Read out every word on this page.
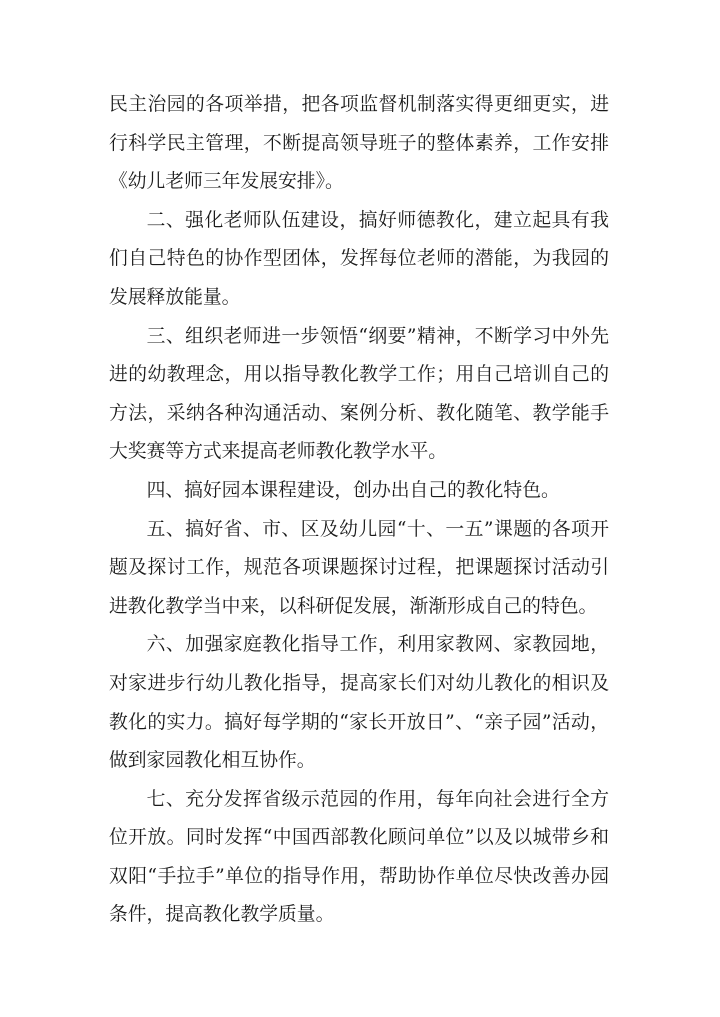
民主治园的各项举措，把各项监督机制落实得更细更实，进行科学民主管理，不断提高领导班子的整体素养，工作安排《幼儿老师三年发展安排》。

二、强化老师队伍建设，搞好师德教化，建立起具有我们自己特色的协作型团体，发挥每位老师的潜能，为我园的发展释放能量。

三、组织老师进一步领悟“纲要”精神，不断学习中外先进的幼教理念，用以指导教化教学工作；用自己培训自己的方法，采纳各种沟通活动、案例分析、教化随笔、教学能手大奖赛等方式来提高老师教化教学水平。

四、搞好园本课程建设，创办出自己的教化特色。

五、搞好省、市、区及幼儿园“十、一五”课题的各项开题及探讨工作，规范各项课题探讨过程，把课题探讨活动引进教化教学当中来，以科研促发展，渐渐形成自己的特色。

六、加强家庭教化指导工作，利用家教网、家教园地，对家进步行幼儿教化指导，提高家长们对幼儿教化的相识及教化的实力。搞好每学期的“家长开放日”、“亲子园”活动，做到家园教化相互协作。

七、充分发挥省级示范园的作用，每年向社会进行全方位开放。同时发挥“中国西部教化顾问单位”以及以城带乡和双阳“手拉手”单位的指导作用，帮助协作单位尽快改善办园条件，提高教化教学质量。
